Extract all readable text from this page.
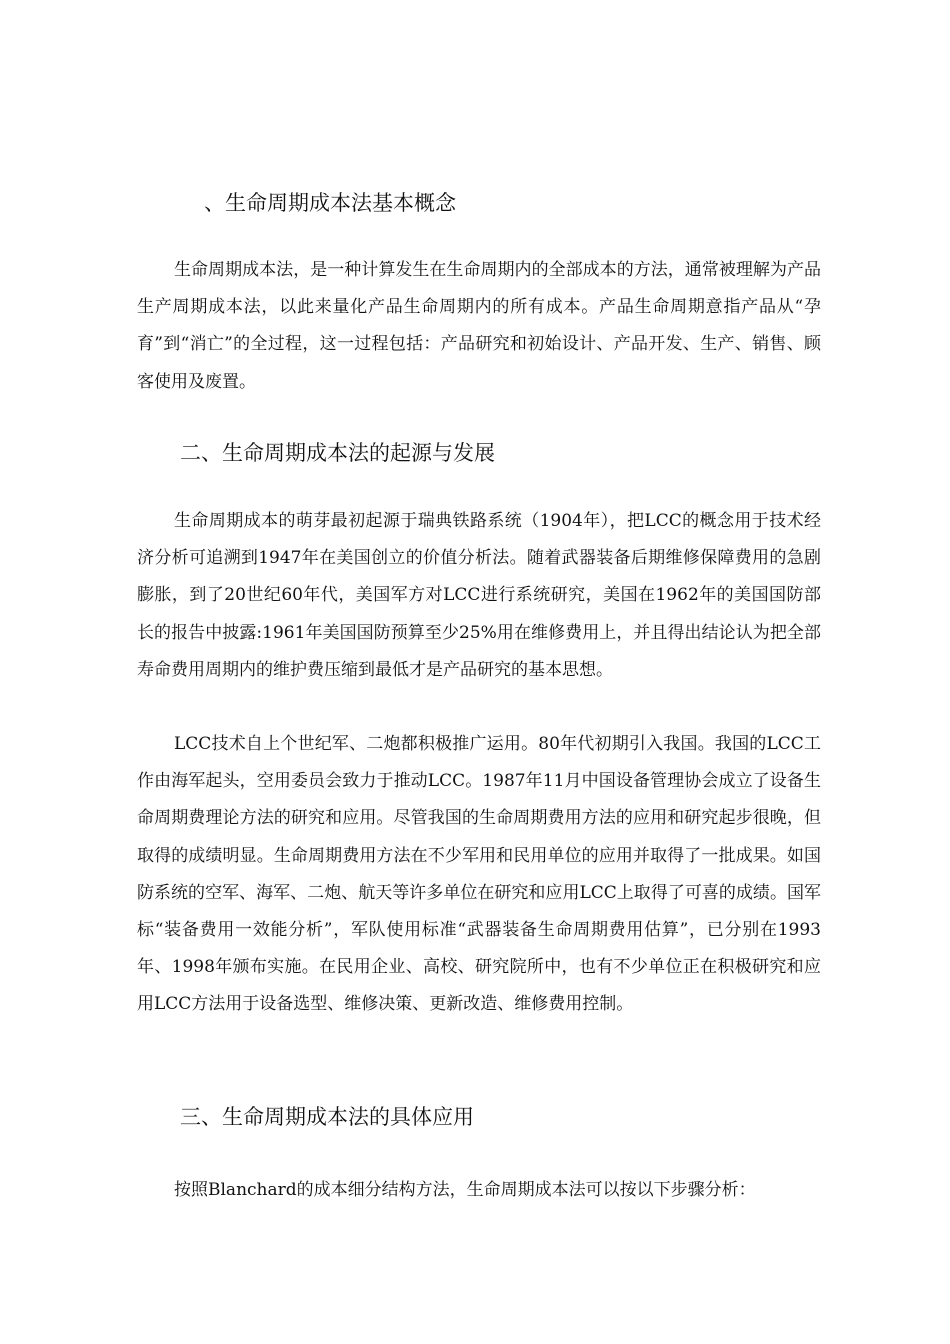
、生命周期成本法基本概念

生命周期成本法，是一种计算发生在生命周期内的全部成本的方法，通常被理解为产品生产周期成本法，以此来量化产品生命周期内的所有成本。产品生命周期意指产品从“孕育”到“消亡”的全过程，这一过程包括：产品研究和初始设计、产品开发、生产、销售、顾客使用及废置。

二、生命周期成本法的起源与发展

生命周期成本的萌芽最初起源于瑞典铁路系统（1904年），把LCC的概念用于技术经济分析可追溯到1947年在美国创立的价值分析法。随着武器装备后期维修保障费用的急剧膨胀，到了20世纪60年代，美国军方对LCC进行系统研究，美国在1962年的美国国防部长的报告中披露:1961年美国国防预算至少25%用在维修费用上，并且得出结论认为把全部寿命费用周期内的维护费压缩到最低才是产品研究的基本思想。

LCC技术自上个世纪军、二炮都积极推广运用。80年代初期引入我国。我国的LCC工作由海军起头，空用委员会致力于推动LCC。1987年11月中国设备管理协会成立了设备生命周期费理论方法的研究和应用。尽管我国的生命周期费用方法的应用和研究起步很晚，但取得的成绩明显。生命周期费用方法在不少军用和民用单位的应用并取得了一批成果。如国防系统的空军、海军、二炮、航天等许多单位在研究和应用LCC上取得了可喜的成绩。国军标“装备费用一效能分析”，军队使用标准“武器装备生命周期费用估算”，已分别在1993年、1998年颁布实施。在民用企业、高校、研究院所中，也有不少单位正在积极研究和应用LCC方法用于设备选型、维修决策、更新改造、维修费用控制。

三、生命周期成本法的具体应用

按照Blanchard的成本细分结构方法，生命周期成本法可以按以下步骤分析：
